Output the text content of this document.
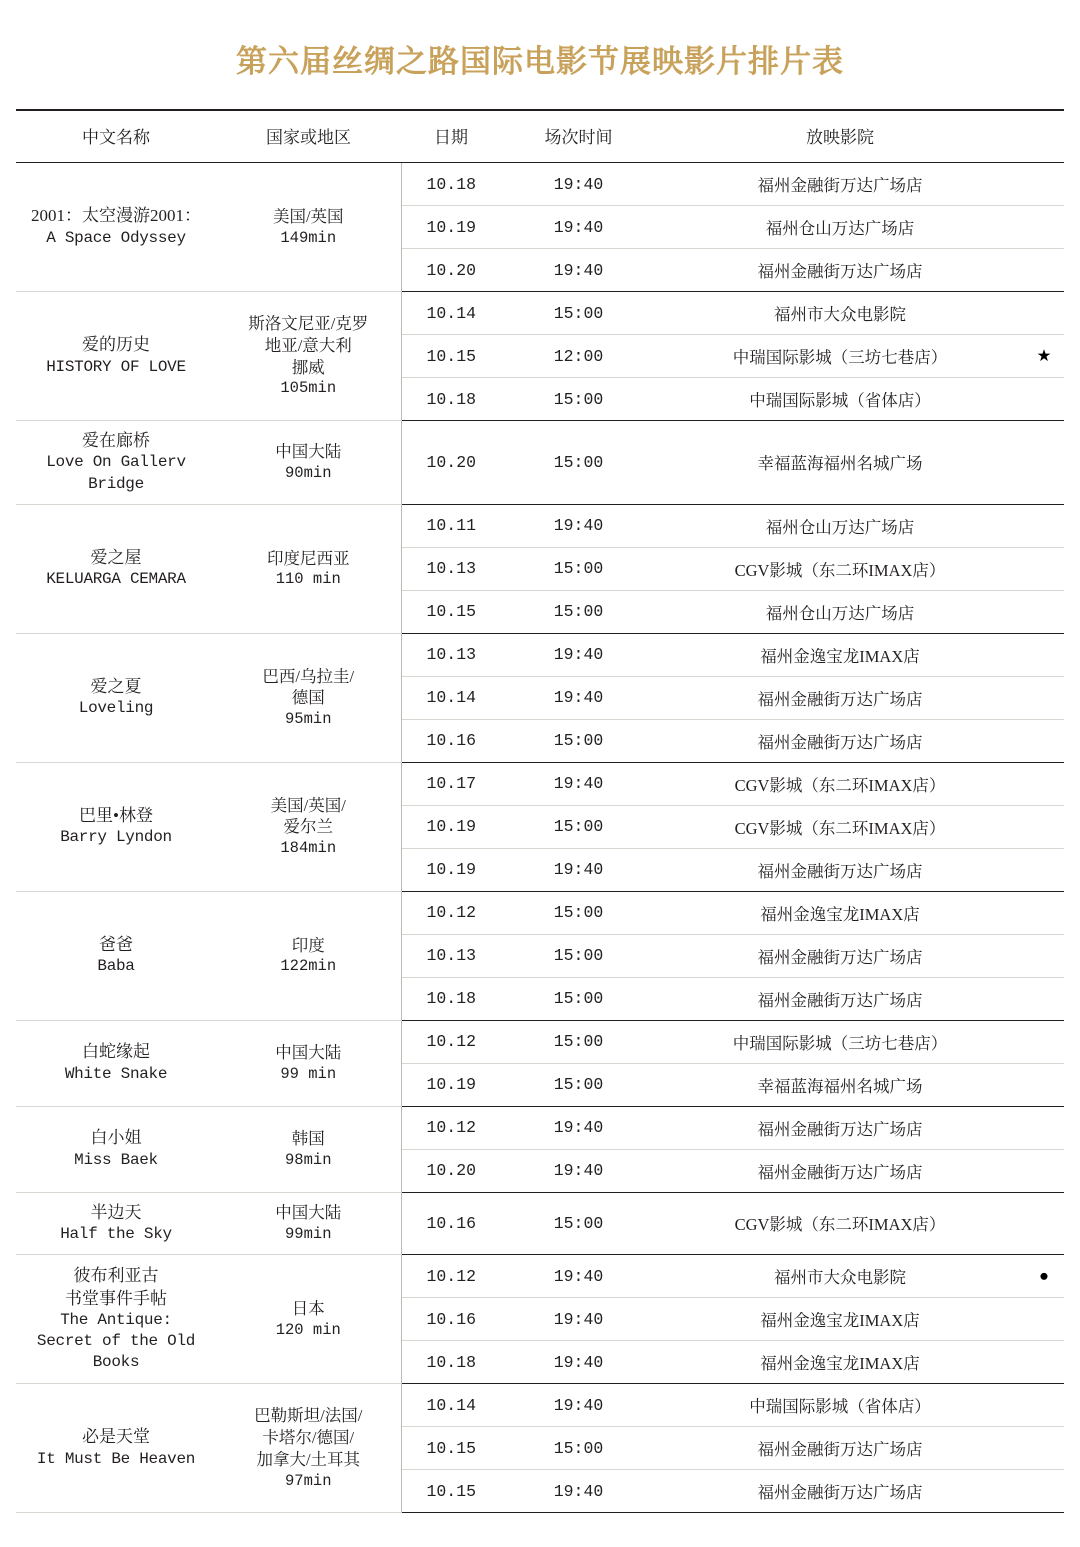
第六届丝绸之路国际电影节展映影片排片表
中文名称	国家或地区	日期	场次时间	放映影院	

2001：太空漫游2001：
A Space Odyssey	美国/英国
149min	10.18	19:40	福州金融街万达广场店	
		10.19	19:40	福州仓山万达广场店	
		10.20	19:40	福州金融街万达广场店	

爱的历史
HISTORY OF LOVE	斯洛文尼亚/克罗
地亚/意大利
挪威
105min	10.14	15:00	福州市大众电影院	
		10.15	12:00	中瑞国际影城（三坊七巷店）	★
		10.18	15:00	中瑞国际影城（省体店）	

爱在廊桥
Love On Gallerv Bridge	中国大陆
90min	10.20	15:00	幸福蓝海福州名城广场	

爱之屋
KELUARGA CEMARA	印度尼西亚
110 min	10.11	19:40	福州仓山万达广场店	
		10.13	15:00	CGV影城（东二环IMAX店）	
		10.15	15:00	福州仓山万达广场店	

爱之夏
Loveling	巴西/乌拉圭/
德国
95min	10.13	19:40	福州金逸宝龙IMAX店	
		10.14	19:40	福州金融街万达广场店	
		10.16	15:00	福州金融街万达广场店	

巴里•林登
Barry Lyndon	美国/英国/
爱尔兰
184min	10.17	19:40	CGV影城（东二环IMAX店）	
		10.19	15:00	CGV影城（东二环IMAX店）	
		10.19	19:40	福州金融街万达广场店	

爸爸
Baba	印度
122min	10.12	15:00	福州金逸宝龙IMAX店	
		10.13	15:00	福州金融街万达广场店	
		10.18	15:00	福州金融街万达广场店	

白蛇缘起
White Snake	中国大陆
99 min	10.12	15:00	中瑞国际影城（三坊七巷店）	
		10.19	15:00	幸福蓝海福州名城广场	

白小姐
Miss Baek	韩国
98min	10.12	19:40	福州金融街万达广场店	
		10.20	19:40	福州金融街万达广场店	

半边天
Half the Sky	中国大陆
99min	10.16	15:00	CGV影城（东二环IMAX店）	

彼布利亚古
书堂事件手帖
The Antique:
Secret of the Old
Books	日本
120 min	10.12	19:40	福州市大众电影院	●
		10.16	19:40	福州金逸宝龙IMAX店	
		10.18	19:40	福州金逸宝龙IMAX店	

必是天堂
It Must Be Heaven	巴勒斯坦/法国/
卡塔尔/德国/
加拿大/土耳其
97min	10.14	19:40	中瑞国际影城（省体店）	
		10.15	15:00	福州金融街万达广场店	
		10.15	19:40	福州金融街万达广场店	
